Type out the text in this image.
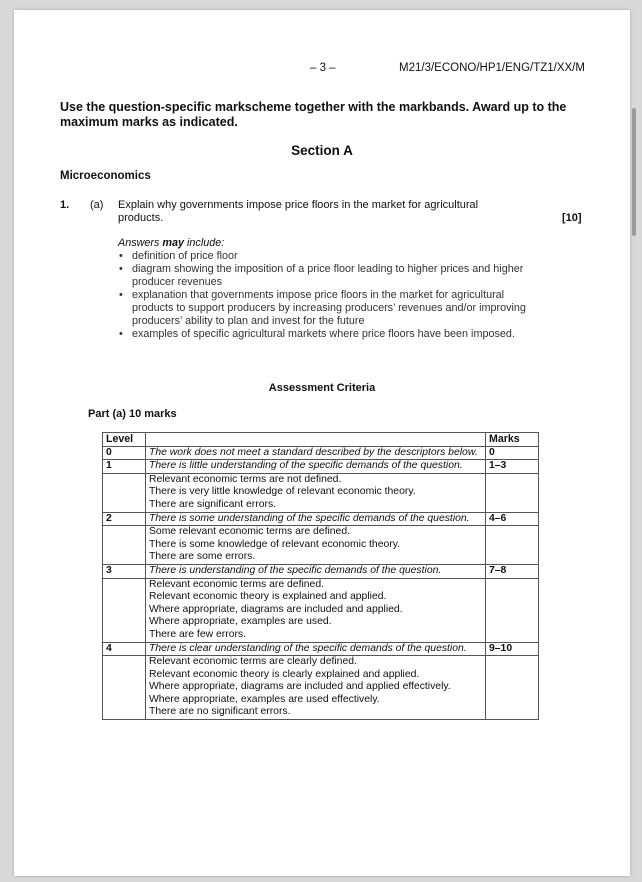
– 3 –	M21/3/ECONO/HP1/ENG/TZ1/XX/M
Use the question-specific markscheme together with the markbands. Award up to the maximum marks as indicated.
Section A
Microeconomics
1. (a) Explain why governments impose price floors in the market for agricultural products.	[10]
Answers may include:
• definition of price floor
• diagram showing the imposition of a price floor leading to higher prices and higher producer revenues
• explanation that governments impose price floors in the market for agricultural products to support producers by increasing producers’ revenues and/or improving producers’ ability to plan and invest for the future
• examples of specific agricultural markets where price floors have been imposed.
Assessment Criteria
Part (a) 10 marks
Level		Marks
0	The work does not meet a standard described by the descriptors below.	0
1	There is little understanding of the specific demands of the question.	1–3

	Relevant economic terms are not defined.
There is very little knowledge of relevant economic theory.
There are significant errors.	

2	There is some understanding of the specific demands of the question.	4–6

	Some relevant economic terms are defined.
There is some knowledge of relevant economic theory.
There are some errors.	

3	There is understanding of the specific demands of the question.	7–8

	Relevant economic terms are defined.
Relevant economic theory is explained and applied.
Where appropriate, diagrams are included and applied.
Where appropriate, examples are used.
There are few errors.	

4	There is clear understanding of the specific demands of the question.	9–10

	Relevant economic terms are clearly defined.
Relevant economic theory is clearly explained and applied.
Where appropriate, diagrams are included and applied effectively.
Where appropriate, examples are used effectively.
There are no significant errors.	
